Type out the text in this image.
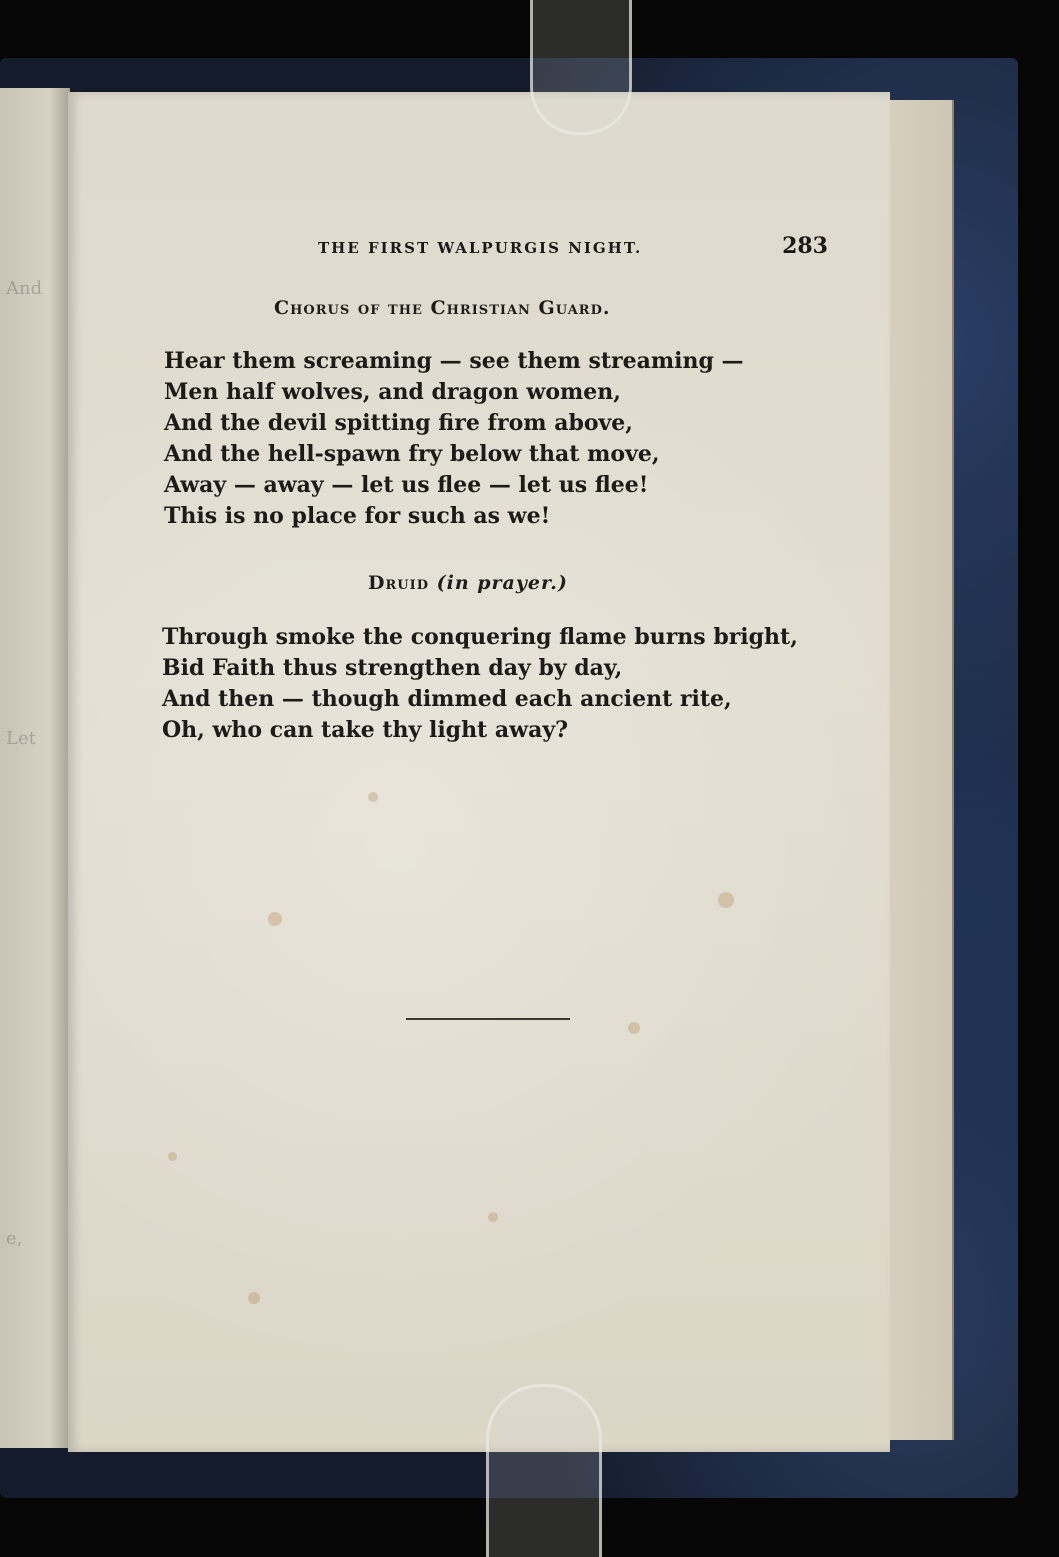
And
Let
e,
THE FIRST WALPURGIS NIGHT.	283
Chorus of the Christian Guard.
Hear them screaming — see them streaming —
Men half wolves, and dragon women,
And the devil spitting fire from above,
And the hell-spawn fry below that move,
Away — away — let us flee — let us flee!
This is no place for such as we!
Druid (in prayer.)
Through smoke the conquering flame burns bright,
Bid Faith thus strengthen day by day,
And then — though dimmed each ancient rite,
Oh, who can take thy light away?
